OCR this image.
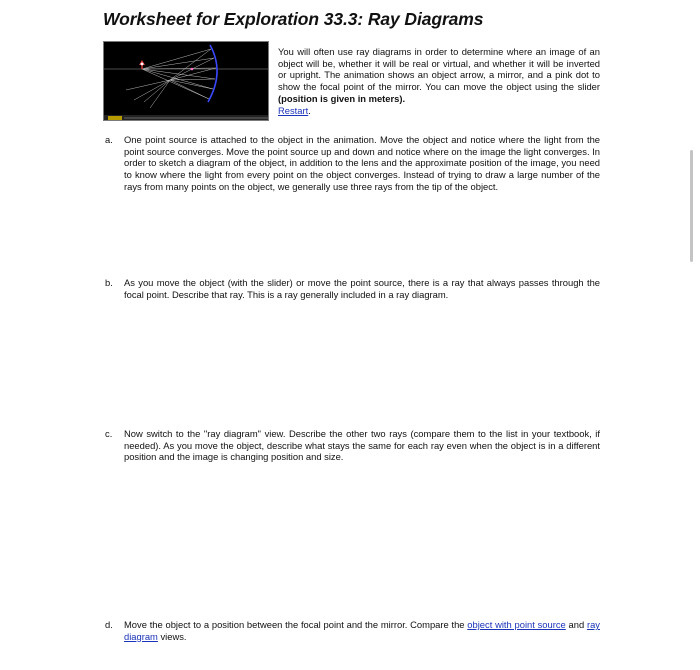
Worksheet for Exploration 33.3: Ray Diagrams
You will often use ray diagrams in order to determine where an image of an object will be, whether it will be real or virtual, and whether it will be inverted or upright. The animation shows an object arrow, a mirror, and a pink dot to show the focal point of the mirror. You can move the object using the slider (position is given in meters).
Restart.
a. One point source is attached to the object in the animation. Move the object and notice where the light from the point source converges. Move the point source up and down and notice where on the image the light converges. In order to sketch a diagram of the object, in addition to the lens and the approximate position of the image, you need to know where the light from every point on the object converges. Instead of trying to draw a large number of the rays from many points on the object, we generally use three rays from the tip of the object.
b. As you move the object (with the slider) or move the point source, there is a ray that always passes through the focal point. Describe that ray. This is a ray generally included in a ray diagram.
c. Now switch to the "ray diagram" view. Describe the other two rays (compare them to the list in your textbook, if needed). As you move the object, describe what stays the same for each ray even when the object is in a different position and the image is changing position and size.
d. Move the object to a position between the focal point and the mirror. Compare the object with point source and ray diagram views.
